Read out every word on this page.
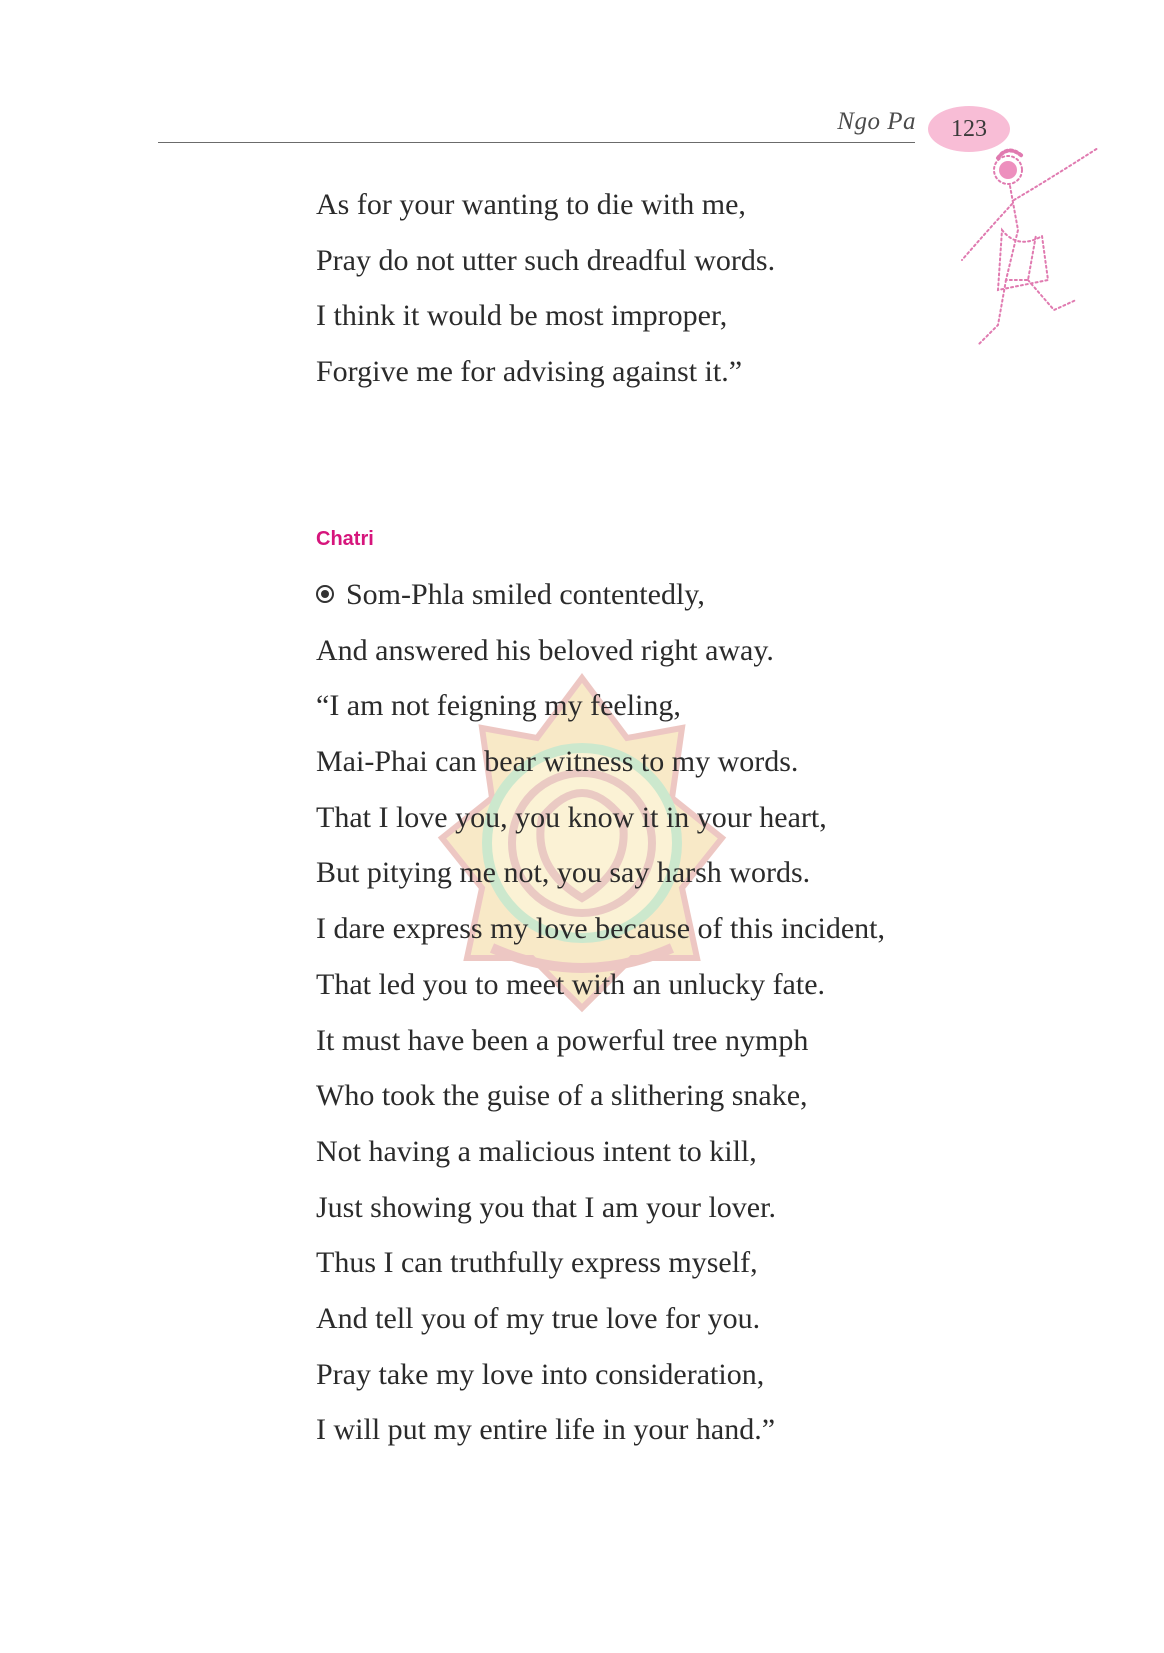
Ngo Pa 123
As for your wanting to die with me,
Pray do not utter such dreadful words.
I think it would be most improper,
Forgive me for advising against it.”
Chatri
Som-Phla smiled contentedly,
And answered his beloved right away.
“I am not feigning my feeling,
Mai-Phai can bear witness to my words.
That I love you, you know it in your heart,
But pitying me not, you say harsh words.
I dare express my love because of this incident,
That led you to meet with an unlucky fate.
It must have been a powerful tree nymph
Who took the guise of a slithering snake,
Not having a malicious intent to kill,
Just showing you that I am your lover.
Thus I can truthfully express myself,
And tell you of my true love for you.
Pray take my love into consideration,
I will put my entire life in your hand.”
